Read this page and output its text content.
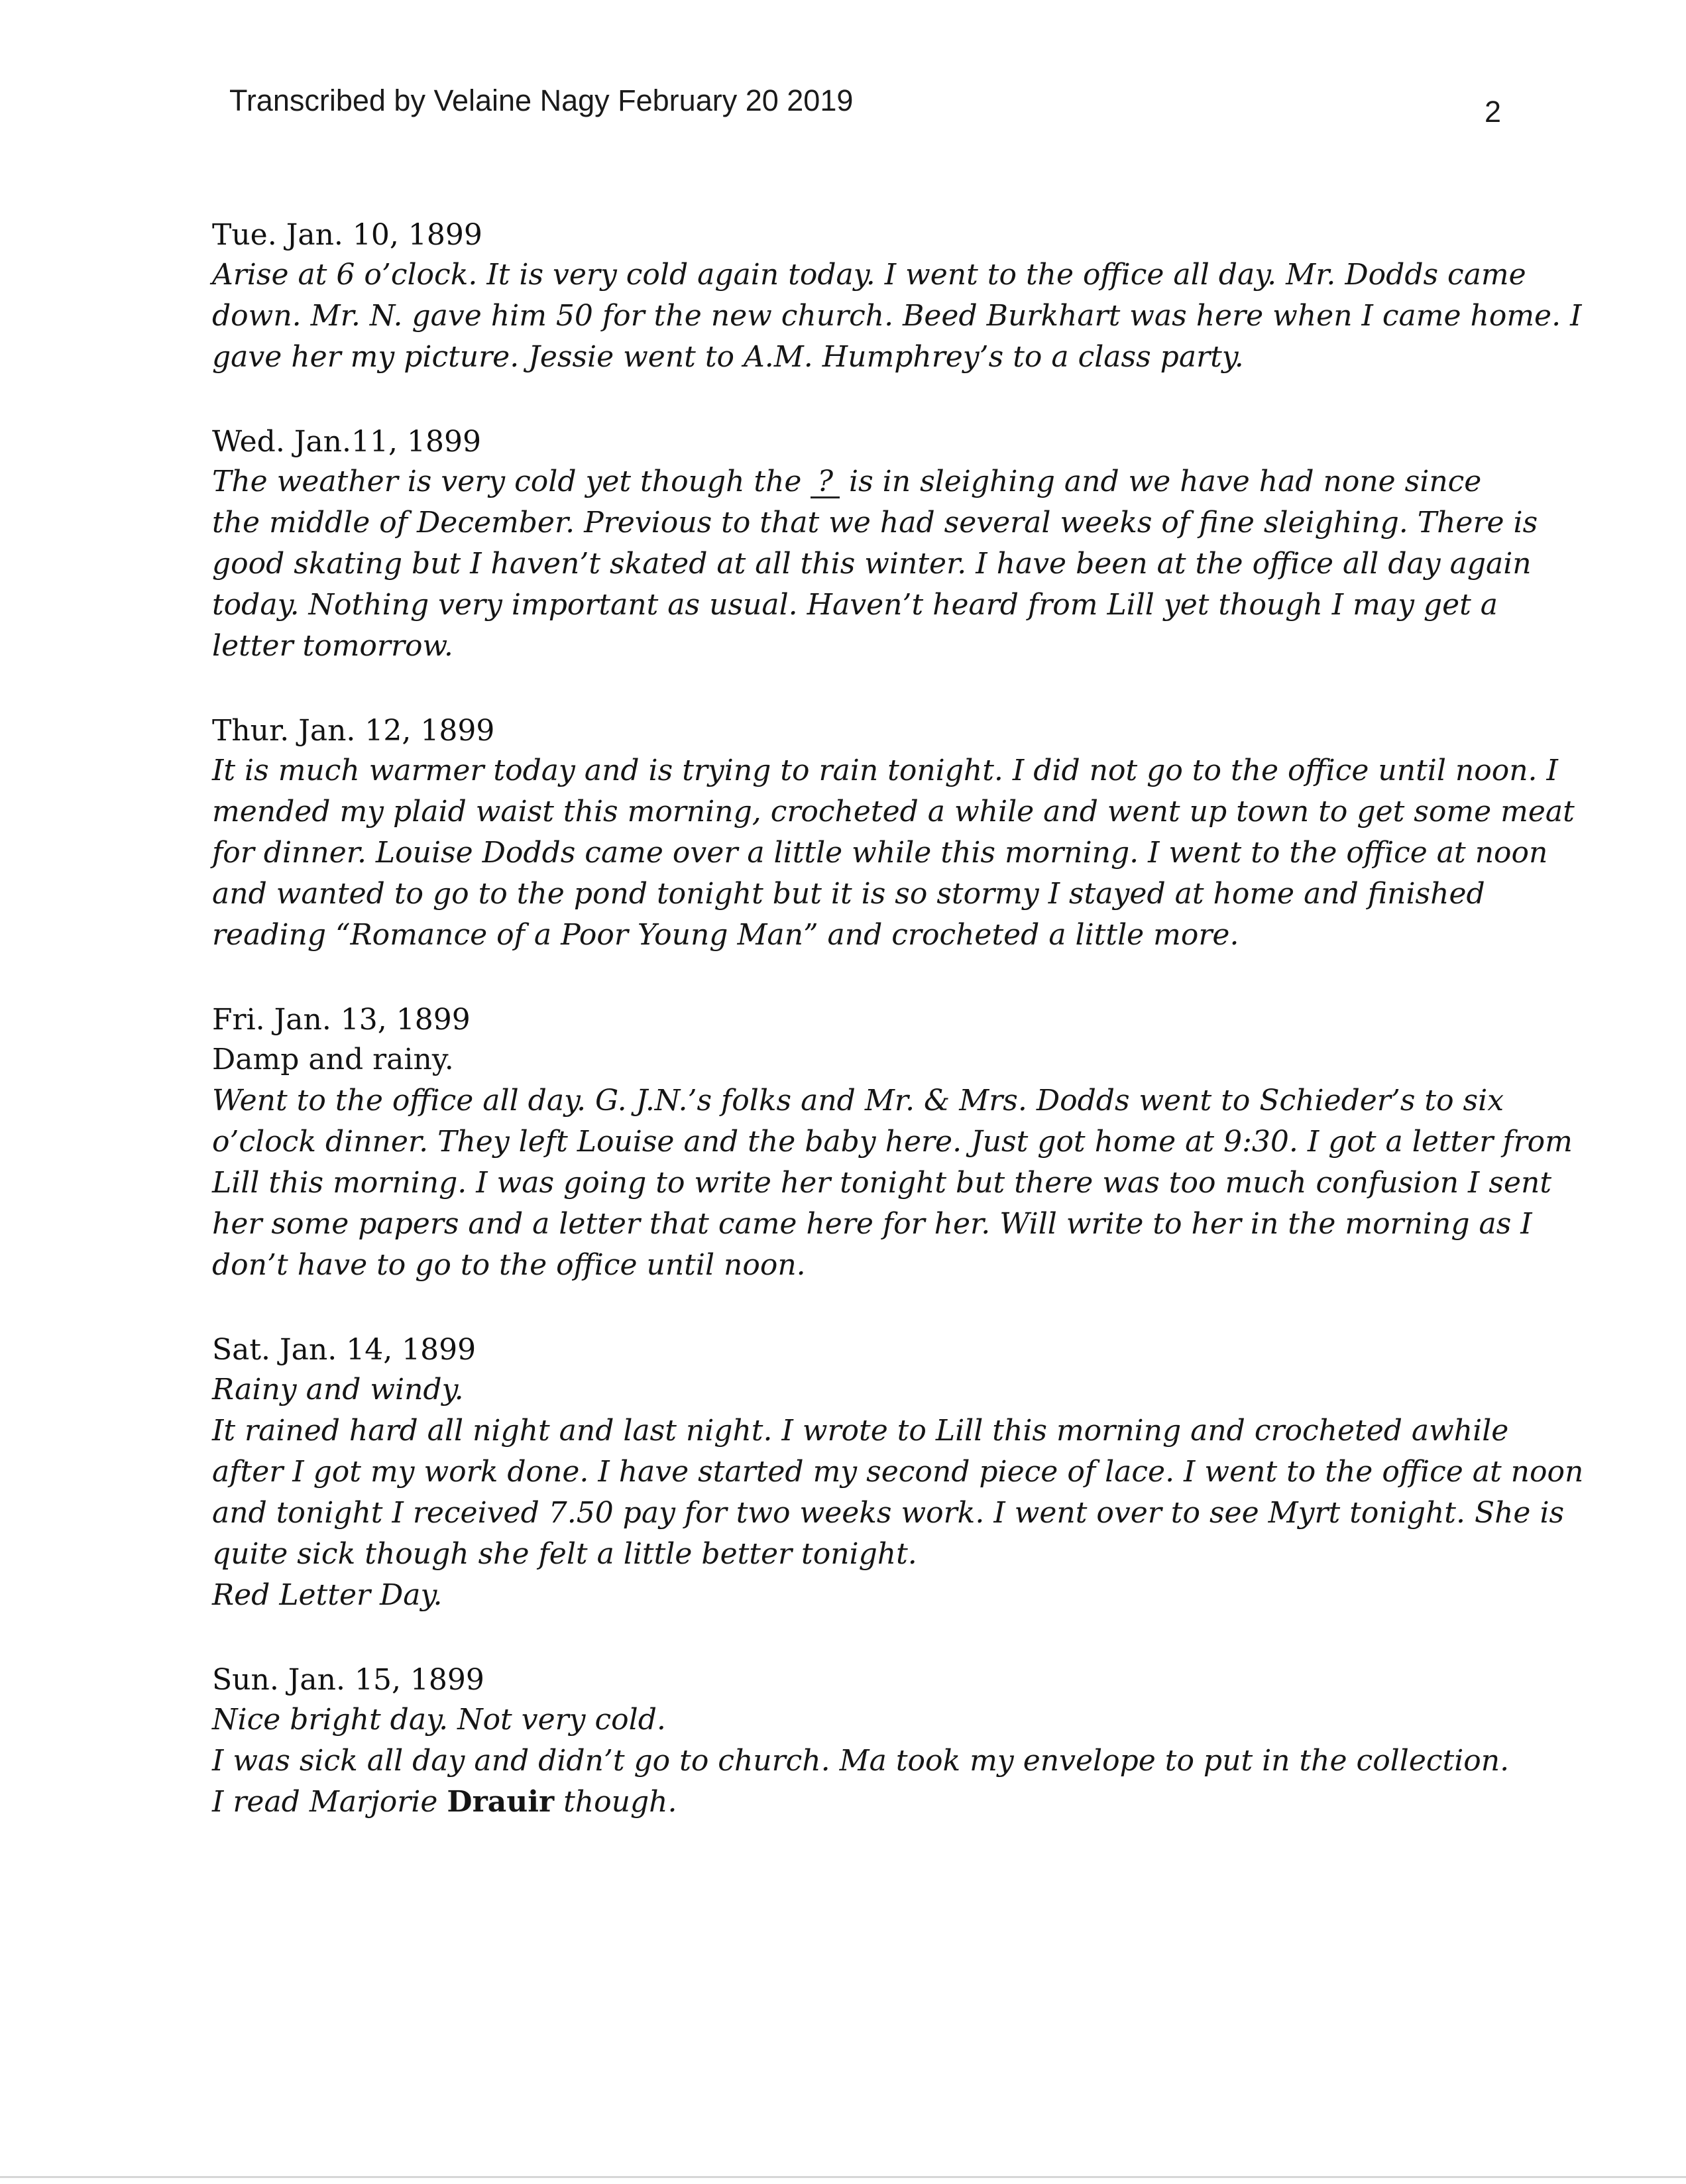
Transcribed by Velaine Nagy February 20 2019	2
Tue. Jan. 10, 1899
Arise at 6 o’clock. It is very cold again today. I went to the office all day. Mr. Dodds came
down. Mr. N. gave him 50 for the new church. Beed Burkhart was here when I came home. I
gave her my picture. Jessie went to A.M. Humphrey’s to a class party.
Wed. Jan.11, 1899
The weather is very cold yet though the ? is in sleighing and we have had none since
the middle of December. Previous to that we had several weeks of fine sleighing. There is
good skating but I haven’t skated at all this winter. I have been at the office all day again
today. Nothing very important as usual. Haven’t heard from Lill yet though I may get a
letter tomorrow.
Thur. Jan. 12, 1899
It is much warmer today and is trying to rain tonight. I did not go to the office until noon. I
mended my plaid waist this morning, crocheted a while and went up town to get some meat
for dinner. Louise Dodds came over a little while this morning. I went to the office at noon
and wanted to go to the pond tonight but it is so stormy I stayed at home and finished
reading “Romance of a Poor Young Man” and crocheted a little more.
Fri. Jan. 13, 1899
Damp and rainy.
Went to the office all day. G. J.N.’s folks and Mr. & Mrs. Dodds went to Schieder’s to six
o’clock dinner. They left Louise and the baby here. Just got home at 9:30. I got a letter from
Lill this morning. I was going to write her tonight but there was too much confusion I sent
her some papers and a letter that came here for her. Will write to her in the morning as I
don’t have to go to the office until noon.
Sat. Jan. 14, 1899
Rainy and windy.
It rained hard all night and last night. I wrote to Lill this morning and crocheted awhile
after I got my work done. I have started my second piece of lace. I went to the office at noon
and tonight I received 7.50 pay for two weeks work. I went over to see Myrt tonight. She is
quite sick though she felt a little better tonight.
Red Letter Day.
Sun. Jan. 15, 1899
Nice bright day. Not very cold.
I was sick all day and didn’t go to church. Ma took my envelope to put in the collection.
I read Marjorie Drauir though.
